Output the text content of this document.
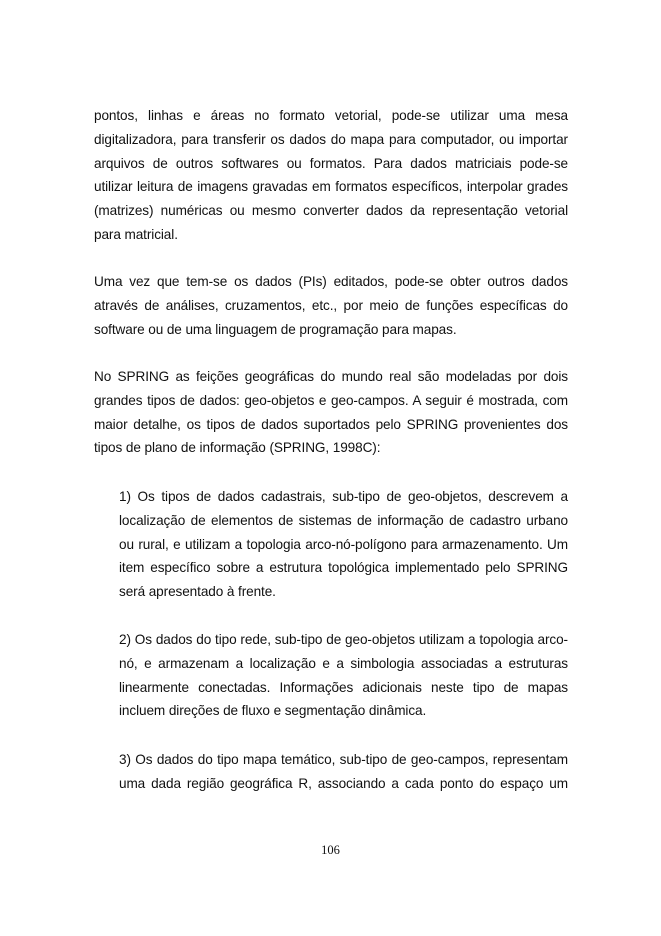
pontos, linhas e áreas no formato vetorial, pode-se utilizar uma mesa
digitalizadora, para transferir os dados do mapa para computador, ou importar
arquivos de outros softwares ou formatos. Para dados matriciais pode-se
utilizar leitura de imagens gravadas em formatos específicos, interpolar grades
(matrizes) numéricas ou mesmo converter dados da representação vetorial
para matricial.
Uma vez que tem-se os dados (PIs) editados, pode-se obter outros dados
através de análises, cruzamentos, etc., por meio de funções específicas do
software ou de uma linguagem de programação para mapas.
No SPRING as feições geográficas do mundo real são modeladas por dois
grandes tipos de dados: geo-objetos e geo-campos. A seguir é mostrada, com
maior detalhe, os tipos de dados suportados pelo SPRING provenientes dos
tipos de plano de informação (SPRING, 1998C):
1) Os tipos de dados cadastrais, sub-tipo de geo-objetos, descrevem a
localização de elementos de sistemas de informação de cadastro urbano
ou rural, e utilizam a topologia arco-nó-polígono para armazenamento. Um
item específico sobre a estrutura topológica implementado pelo SPRING
será apresentado à frente.
2) Os dados do tipo rede, sub-tipo de geo-objetos utilizam a topologia arco-
nó, e armazenam a localização e a simbologia associadas a estruturas
linearmente conectadas. Informações adicionais neste tipo de mapas
incluem direções de fluxo e segmentação dinâmica.
3) Os dados do tipo mapa temático, sub-tipo de geo-campos, representam
uma dada região geográfica R, associando a cada ponto do espaço um
106
